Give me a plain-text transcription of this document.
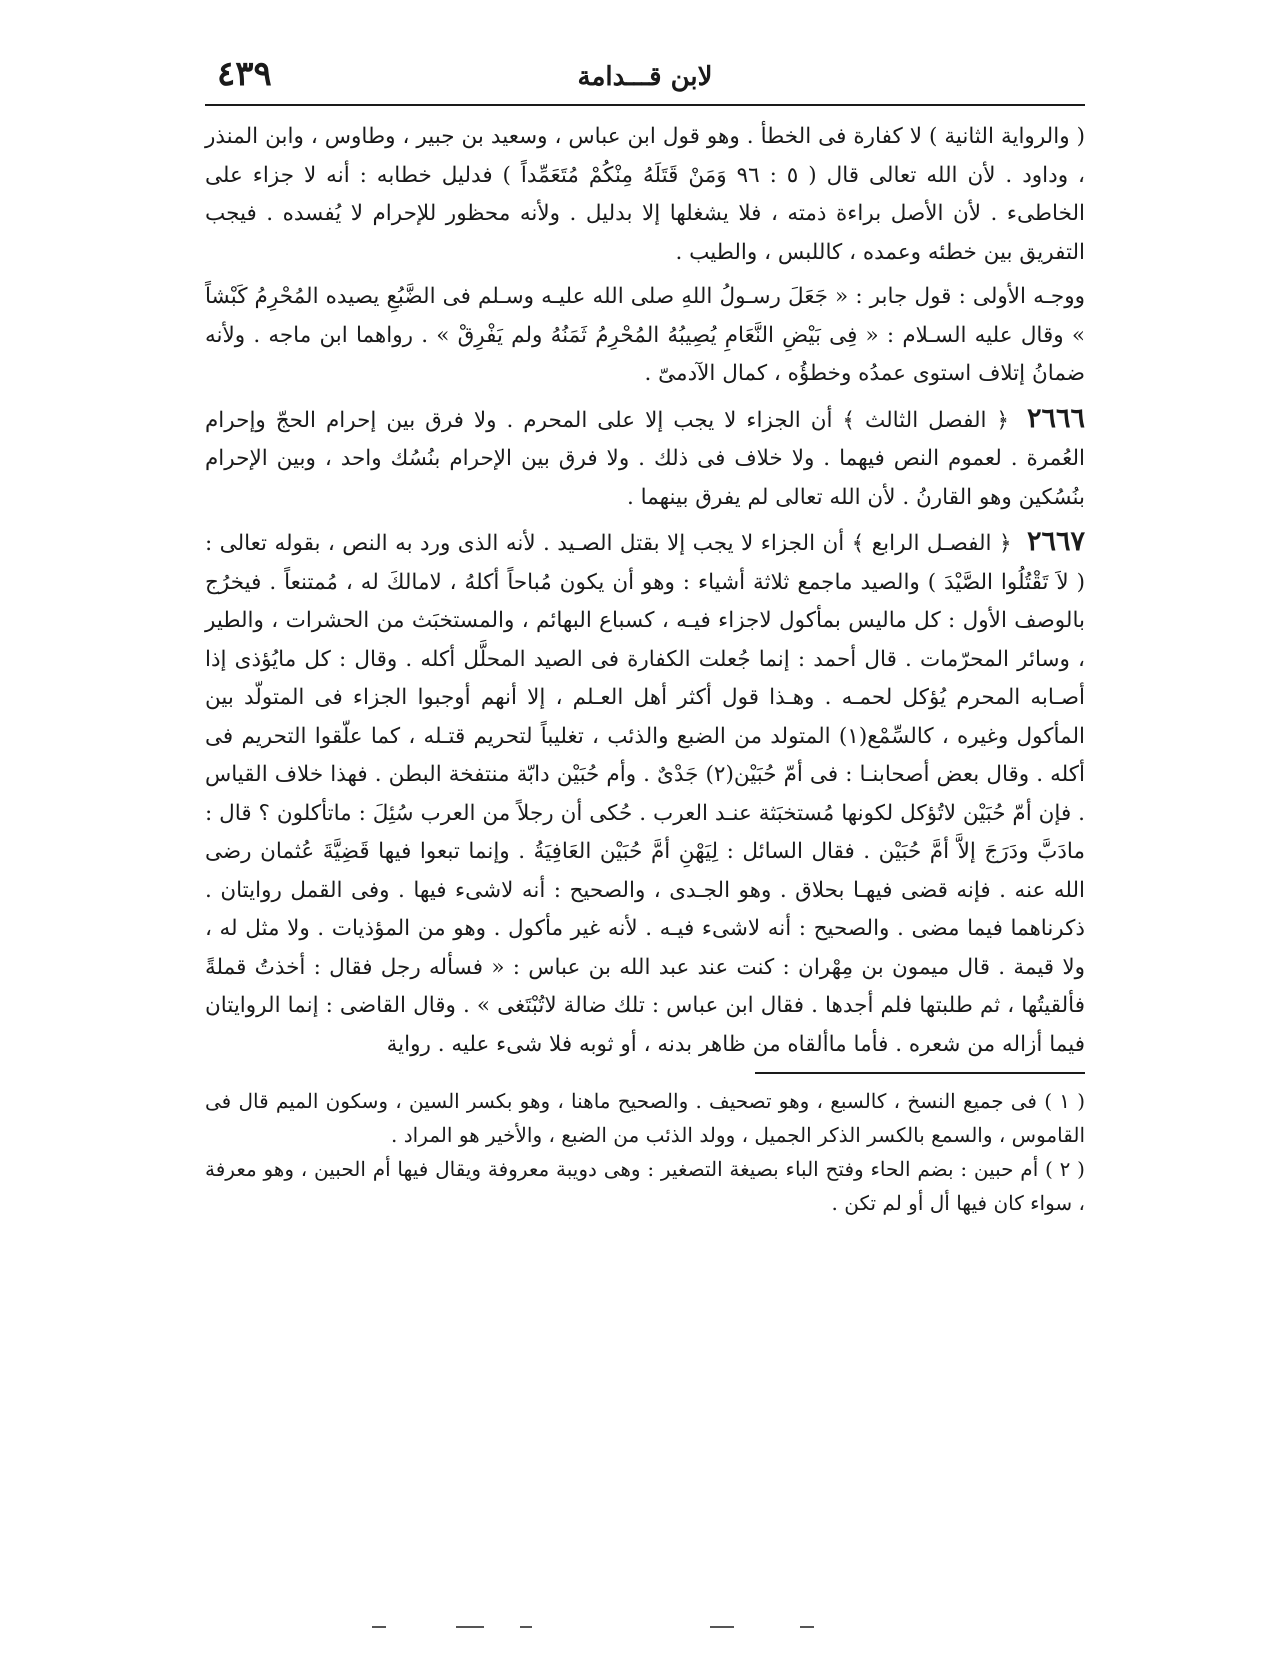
لابن قـــدامة
٤٣٩

( والرواية الثانية ) لا كفارة فى الخطأ . وهو قول ابن عباس ، وسعيد بن جبير ، وطاوس ، وابن المنذر ، وداود . لأن الله تعالى قال ( ٥ : ٩٦ وَمَنْ قَتَلَهُ مِنْكُمْ مُتَعَمِّداً ) فدليل خطابه : أنه لا جزاء على الخاطىء . لأن الأصل براءة ذمته ، فلا يشغلها إلا بدليل . ولأنه محظور للإحرام لا يُفسده . فيجب التفريق بين خطئه وعمده ، كاللبس ، والطيب .

ووجـه الأولى : قول جابر : « جَعَلَ رسـولُ اللهِ صلى الله عليـه وسـلم فى الضَّبُعِ يصيده المُحْرِمُ كَبْشاً » وقال عليه السـلام : « فِى بَيْضِ النَّعَامِ يُصِيبُهُ المُحْرِمُ ثَمَنُهُ ولم يَفْرِقْ » . رواهما ابن ماجه . ولأنه ضمانُ إتلاف استوى عمدُه وخطؤُه ، كمال الآدمىّ .

٢٦٦٦ ﴿ الفصل الثالث ﴾ أن الجزاء لا يجب إلا على المحرم . ولا فرق بين إحرام الحجّ وإحرام العُمرة . لعموم النص فيهما . ولا خلاف فى ذلك . ولا فرق بين الإحرام بنُسُك واحد ، وبين الإحرام بنُسُكين وهو القارنُ . لأن الله تعالى لم يفرق بينهما .

٢٦٦٧ ﴿ الفصـل الرابع ﴾ أن الجزاء لا يجب إلا بقتل الصـيد . لأنه الذى ورد به النص ، بقوله تعالى : ( لاَ تَقْتُلُوا الصَّيْدَ ) والصيد ماجمع ثلاثة أشياء : وهو أن يكون مُباحاً أكلهُ ، لامالكَ له ، مُمتنعاً . فيخرُج بالوصف الأول : كل ماليس بمأكول لاجزاء فيـه ، كسباع البهائم ، والمستخبَث من الحشرات ، والطير ، وسائر المحرّمات . قال أحمد : إنما جُعلت الكفارة فى الصيد المحلَّل أكله . وقال : كل مايُؤذى إذا أصـابه المحرم يُؤكل لحمـه . وهـذا قول أكثر أهل العـلم ، إلا أنهم أوجبوا الجزاء فى المتولّد بين المأكول وغيره ، كالسِّمْع(١) المتولد من الضبع والذئب ، تغليباً لتحريم قتـله ، كما علّقوا التحريم فى أكله . وقال بعض أصحابنـا : فى أمّ حُبَيْن(٢) جَدْىٌ . وأم حُبَيْن دابّة منتفخة البطن . فهذا خلاف القياس . فإن أمّ حُبَيْن لاتُؤكل لكونها مُستخبَثة عنـد العرب . حُكى أن رجلاً من العرب سُئِلَ : ماتأكلون ؟ قال : مادَبَّ ودَرَجَ إلاَّ أمَّ حُبَيْن . فقال السائل : لِيَهْنِ أمَّ حُبَيْن العَافِيَةُ . وإنما تبعوا فيها قَضِيَّةَ عُثمان رضى الله عنه . فإنه قضى فيهـا بحلاق . وهو الجـدى ، والصحيح : أنه لاشىء فيها . وفى القمل روايتان . ذكرناهما فيما مضى . والصحيح : أنه لاشىء فيـه . لأنه غير مأكول . وهو من المؤذيات . ولا مثل له ، ولا قيمة . قال ميمون بن مِهْران : كنت عند عبد الله بن عباس : « فسأله رجل فقال : أخذتُ قملةً فألقيتُها ، ثم طلبتها فلم أجدها . فقال ابن عباس : تلك ضالة لاتُبْتَغى » . وقال القاضى : إنما الروايتان فيما أزاله من شعره . فأما ماألقاه من ظاهر بدنه ، أو ثوبه فلا شىء عليه . رواية

( ١ ) فى جميع النسخ ، كالسبع ، وهو تصحيف . والصحيح ماهنا ، وهو بكسر السين ، وسكون الميم قال فى القاموس ، والسمع بالكسر الذكر الجميل ، وولد الذئب من الضبع ، والأخير هو المراد .

( ٢ ) أم حبين : بضم الحاء وفتح الباء بصيغة التصغير : وهى دويبة معروفة ويقال فيها أم الحبين ، وهو معرفة ، سواء كان فيها أل أو لم تكن .
